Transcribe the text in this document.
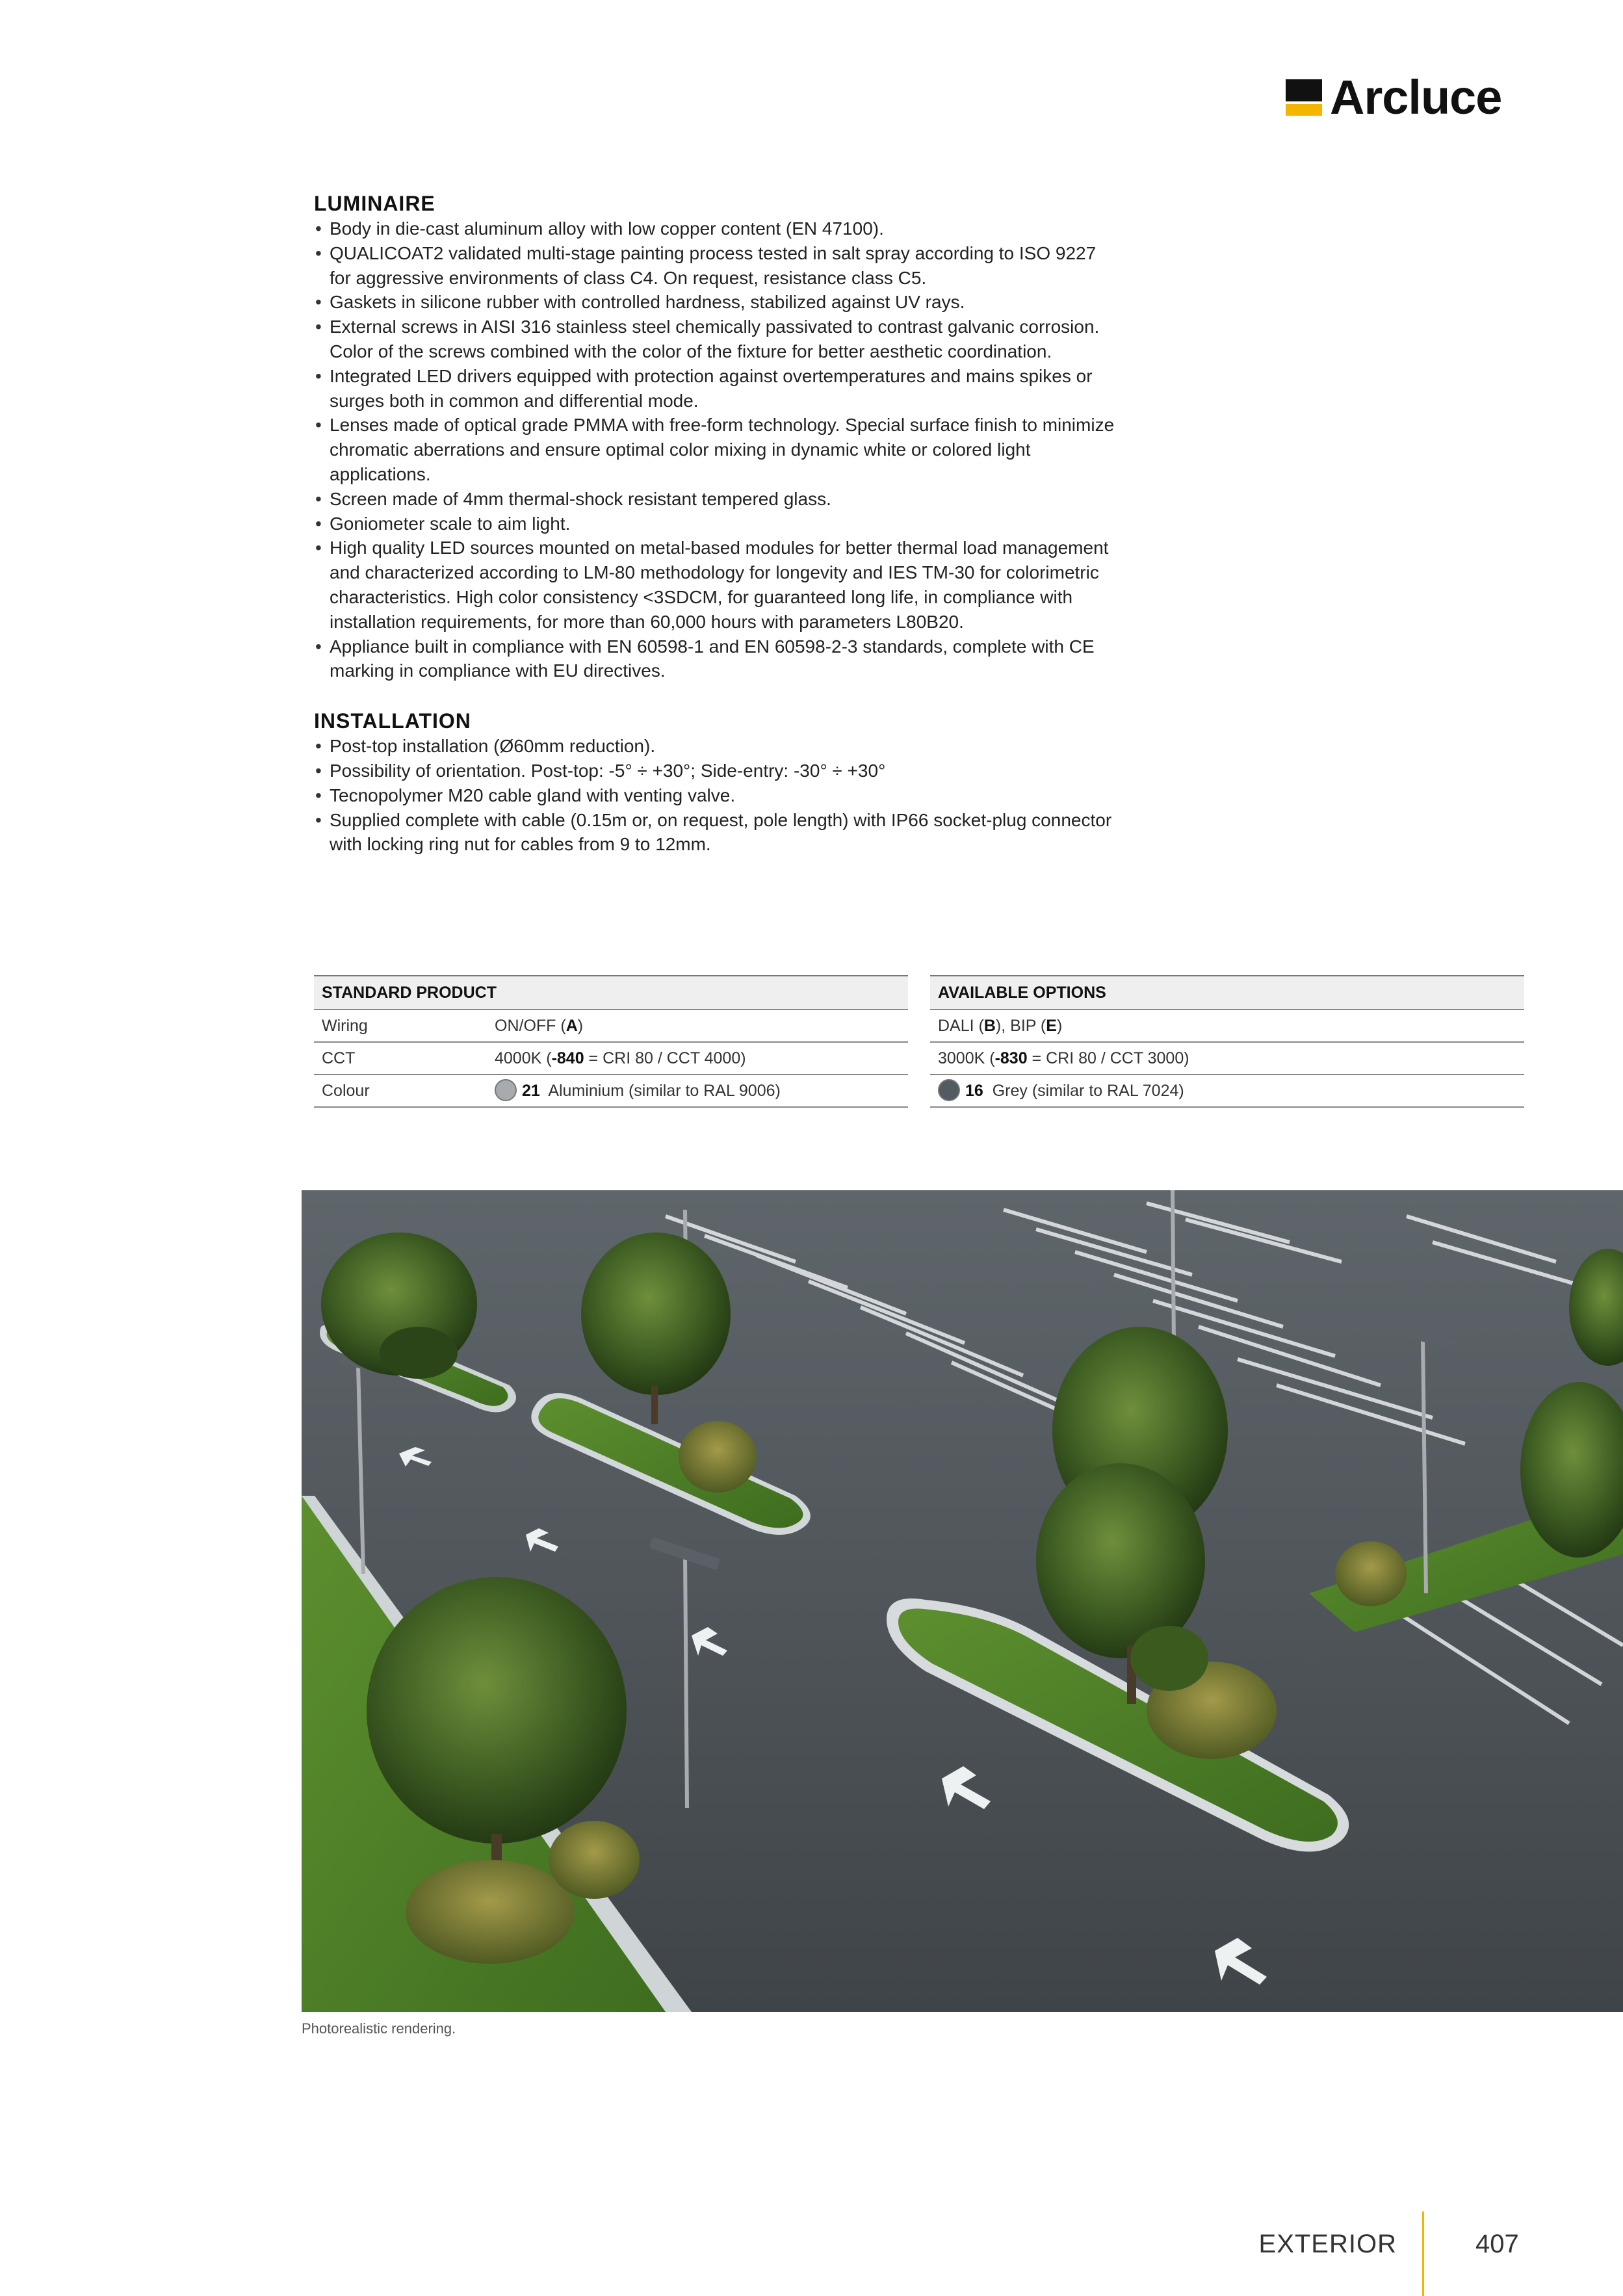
Arcluce
LUMINAIRE
• Body in die-cast aluminum alloy with low copper content (EN 47100).
• QUALICOAT2 validated multi-stage painting process tested in salt spray according to ISO 9227 for aggressive environments of class C4. On request, resistance class C5.
• Gaskets in silicone rubber with controlled hardness, stabilized against UV rays.
• External screws in AISI 316 stainless steel chemically passivated to contrast galvanic corrosion. Color of the screws combined with the color of the fixture for better aesthetic coordination.
• Integrated LED drivers equipped with protection against overtemperatures and mains spikes or surges both in common and differential mode.
• Lenses made of optical grade PMMA with free-form technology. Special surface finish to minimize chromatic aberrations and ensure optimal color mixing in dynamic white or colored light applications.
• Screen made of 4mm thermal-shock resistant tempered glass.
• Goniometer scale to aim light.
• High quality LED sources mounted on metal-based modules for better thermal load management and characterized according to LM-80 methodology for longevity and IES TM-30 for colorimetric characteristics. High color consistency <3SDCM, for guaranteed long life, in compliance with installation requirements, for more than 60,000 hours with parameters L80B20.
• Appliance built in compliance with EN 60598-1 and EN 60598-2-3 standards, complete with CE marking in compliance with EU directives.
INSTALLATION
• Post-top installation (Ø60mm reduction).
• Possibility of orientation. Post-top: -5° ÷ +30°; Side-entry: -30° ÷ +30°
• Tecnopolymer M20 cable gland with venting valve.
• Supplied complete with cable (0.15m or, on request, pole length) with IP66 socket-plug connector with locking ring nut for cables from 9 to 12mm.
STANDARD PRODUCT
Wiring	ON/OFF (A)
CCT	4000K (-840 = CRI 80 / CCT 4000)
Colour	21 Aluminium (similar to RAL 9006)
AVAILABLE OPTIONS
DALI (B), BIP (E)
3000K (-830 = CRI 80 / CCT 3000)
16 Grey (similar to RAL 7024)
Photorealistic rendering.
EXTERIOR	407
